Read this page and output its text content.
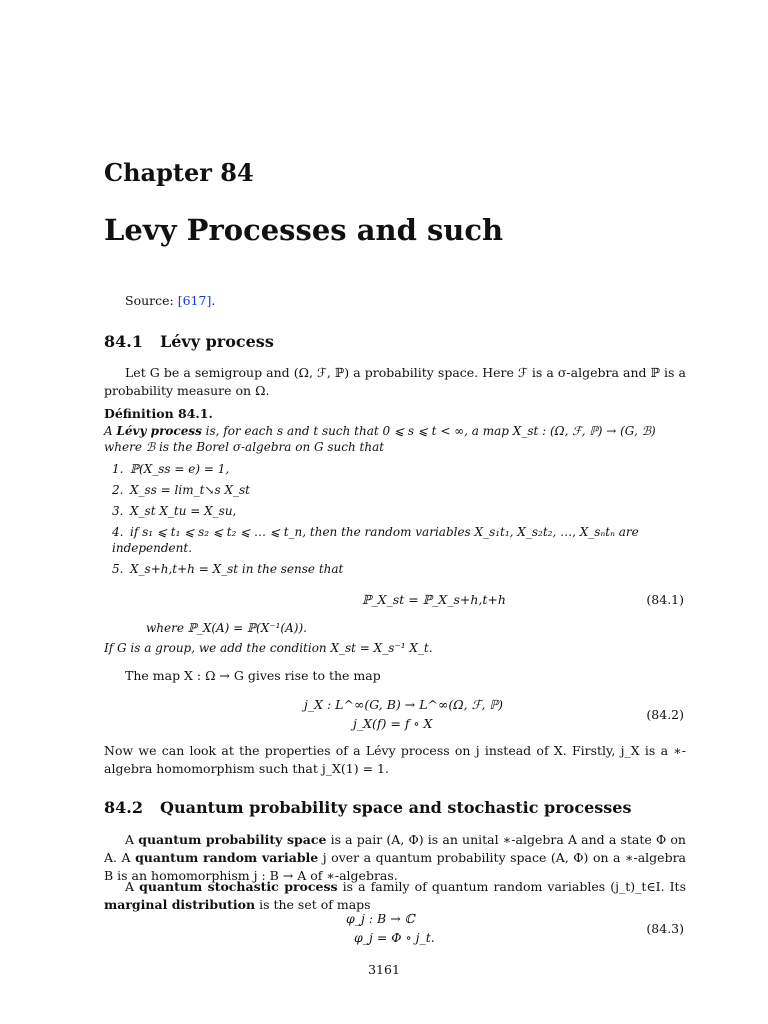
Chapter 84
Levy Processes and such
Source: [617].
84.1 Lévy process
Let G be a semigroup and (Ω, ℱ, ℙ) a probability space. Here ℱ is a σ-algebra and ℙ is a probability measure on Ω.
Définition 84.1.
A Lévy process is, for each s and t such that 0 ⩽ s ⩽ t < ∞, a map X_st : (Ω, ℱ, ℙ) → (G, ℬ)
where ℬ is the Borel σ-algebra on G such that
1. ℙ(X_ss = e) = 1,
2. X_ss = lim_t↘s X_st
3. X_st X_tu = X_su,
4. if s₁ ⩽ t₁ ⩽ s₂ ⩽ t₂ ⩽ … ⩽ t_n, then the random variables X_s₁t₁, X_s₂t₂, …, X_sₙtₙ are independent.
5. X_s+h,t+h = X_st in the sense that
ℙ_X_st = ℙ_X_s+h,t+h	(84.1)
where ℙ_X(A) = ℙ(X⁻¹(A)).
If G is a group, we add the condition X_st = X_s⁻¹ X_t.
The map X : Ω → G gives rise to the map
j_X : L^∞(G, B) → L^∞(Ω, ℱ, ℙ)
j_X(f) = f ∘ X
(84.2)
Now we can look at the properties of a Lévy process on j instead of X. Firstly, j_X is a ∗-algebra homomorphism such that j_X(1) = 1.
84.2 Quantum probability space and stochastic processes
A quantum probability space is a pair (A, Φ) is an unital ∗-algebra A and a state Φ on A. A quantum random variable j over a quantum probability space (A, Φ) on a ∗-algebra B is an homomorphism j : B → A of ∗-algebras.
A quantum stochastic process is a family of quantum random variables (j_t)_t∈I. Its marginal distribution is the set of maps
φ_j : B → ℂ
φ_j = Φ ∘ j_t.
(84.3)
3161
